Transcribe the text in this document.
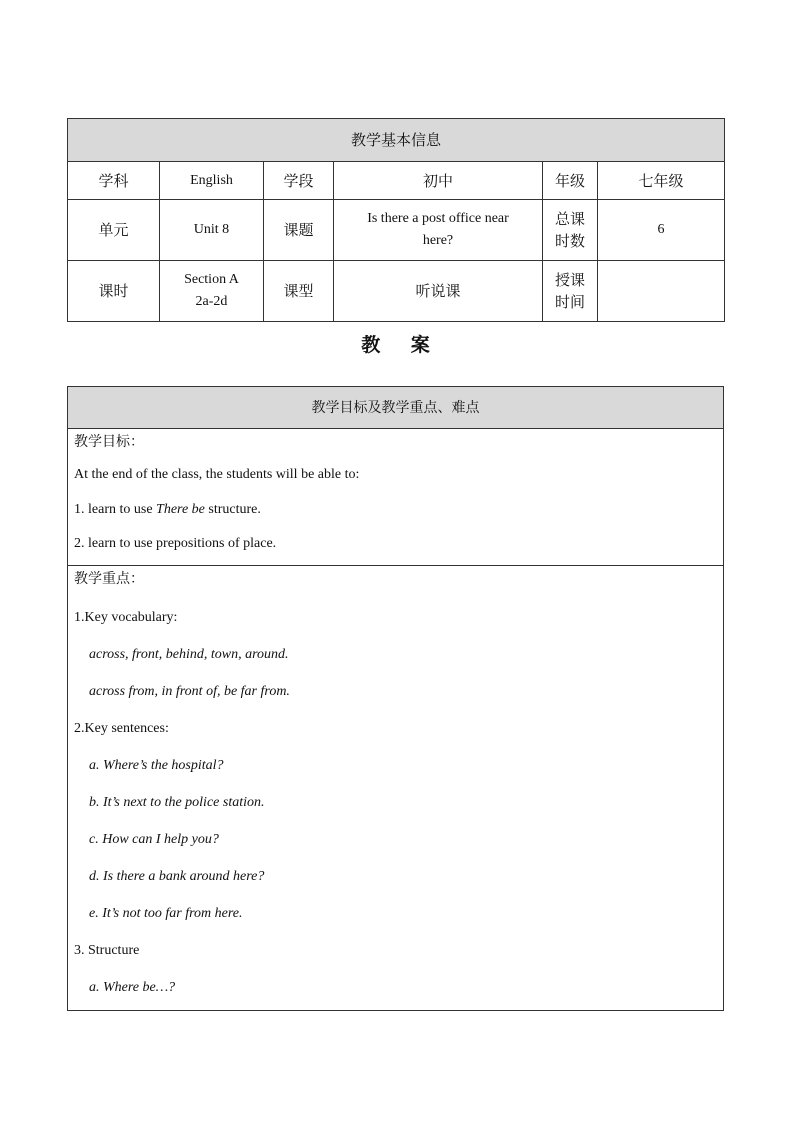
教学基本信息					
学科	English	学段	初中	年级	七年级
单元	Unit 8	课题	Is there a post office near here?	总课时数	6
课时	Section A 2a-2d	课型	听说课	授课时间	
教 案
教学目标及教学重点、难点

教学目标：
At the end of the class, the students will be able to:
1. learn to use There be structure.
2. learn to use prepositions of place.

教学重点：
1.Key vocabulary:
across, front, behind, town, around.
across from, in front of, be far from.
2.Key sentences:
a. Where’s the hospital?
b. It’s next to the police station.
c. How can I help you?
d. Is there a bank around here?
e. It’s not too far from here.
3. Structure
a. Where be…?
